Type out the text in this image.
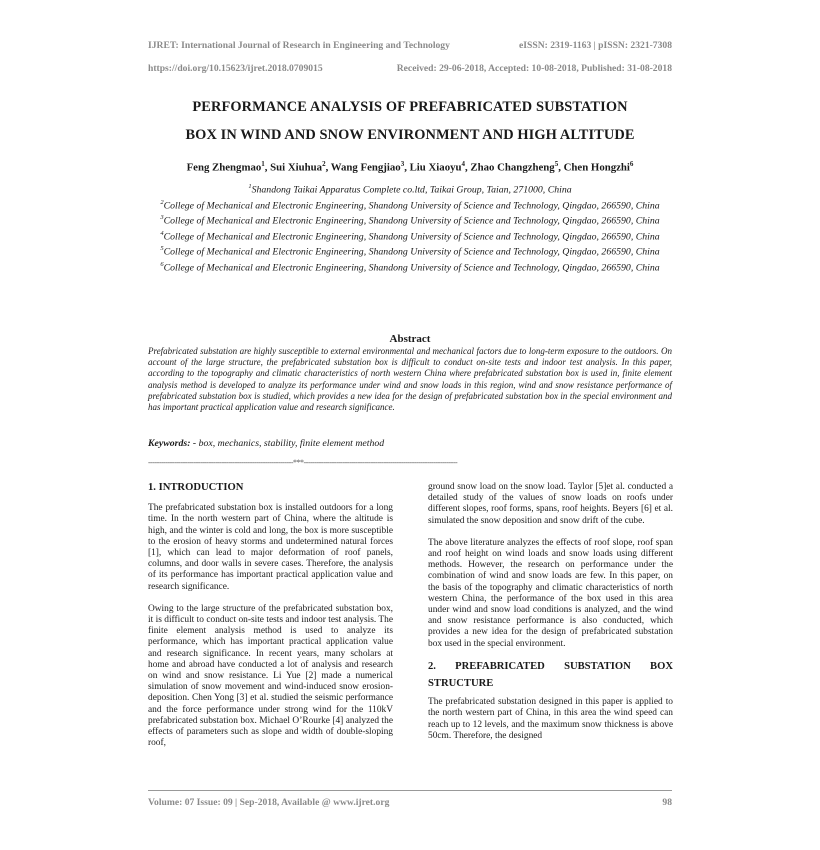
IJRET: International Journal of Research in Engineering and Technology	eISSN: 2319-1163 | pISSN: 2321-7308
https://doi.org/10.15623/ijret.2018.0709015	Received: 29-06-2018, Accepted: 10-08-2018, Published: 31-08-2018
PERFORMANCE ANALYSIS OF PREFABRICATED SUBSTATION
BOX IN WIND AND SNOW ENVIRONMENT AND HIGH ALTITUDE
Feng Zhengmao$^1$, Sui Xiuhua$^2$, Wang Fengjiao$^3$, Liu Xiaoyu$^4$, Zhao Changzheng$^5$, Chen Hongzhi$^6$
$^1$Shandong Taikai Apparatus Complete co.ltd, Taikai Group, Taian, 271000, China
$^2$College of Mechanical and Electronic Engineering, Shandong University of Science and Technology, Qingdao, 266590, China
$^3$College of Mechanical and Electronic Engineering, Shandong University of Science and Technology, Qingdao, 266590, China
$^4$College of Mechanical and Electronic Engineering, Shandong University of Science and Technology, Qingdao, 266590, China
$^5$College of Mechanical and Electronic Engineering, Shandong University of Science and Technology, Qingdao, 266590, China
$^6$College of Mechanical and Electronic Engineering, Shandong University of Science and Technology, Qingdao, 266590, China
Abstract
Prefabricated substation are highly susceptible to external environmental and mechanical factors due to long-term exposure to the outdoors. On account of the large structure, the prefabricated substation box is difficult to conduct on-site tests and indoor test analysis. In this paper, according to the topography and climatic characteristics of north western China where prefabricated substation box is used in, finite element analysis method is developed to analyze its performance under wind and snow loads in this region, wind and snow resistance performance of prefabricated substation box is studied, which provides a new idea for the design of prefabricated substation box in the special environment and has important practical application value and research significance.
Keywords: - box, mechanics, stability, finite element method
-------------------------------------------------------------------***-----------------------------------------------------------------------
1. INTRODUCTION

The prefabricated substation box is installed outdoors for a long time. In the north western part of China, where the altitude is high, and the winter is cold and long, the box is more susceptible to the erosion of heavy storms and undetermined natural forces [1], which can lead to major deformation of roof panels, columns, and door walls in severe cases. Therefore, the analysis of its performance has important practical application value and research significance.

Owing to the large structure of the prefabricated substation box, it is difficult to conduct on-site tests and indoor test analysis. The finite element analysis method is used to analyze its performance, which has important practical application value and research significance. In recent years, many scholars at home and abroad have conducted a lot of analysis and research on wind and snow resistance. Li Yue [2] made a numerical simulation of snow movement and wind-induced snow erosion-deposition. Chen Yong [3] et al. studied the seismic performance and the force performance under strong wind for the 110kV prefabricated substation box. Michael O’Rourke [4] analyzed the effects of parameters such as slope and width of double-sloping roof,

ground snow load on the snow load. Taylor [5]et al. conducted a detailed study of the values of snow loads on roofs under different slopes, roof forms, spans, roof heights. Beyers [6] et al. simulated the snow deposition and snow drift of the cube.

The above literature analyzes the effects of roof slope, roof span and roof height on wind loads and snow loads using different methods. However, the research on performance under the combination of wind and snow loads are few. In this paper, on the basis of the topography and climatic characteristics of north western China, the performance of the box used in this area under wind and snow load conditions is analyzed, and the wind and snow resistance performance is also conducted, which provides a new idea for the design of prefabricated substation box used in the special environment.

2. PREFABRICATED SUBSTATION BOX
STRUCTURE

The prefabricated substation designed in this paper is applied to the north western part of China, in this area the wind speed can reach up to 12 levels, and the maximum snow thickness is above 50cm. Therefore, the designed

Volume: 07 Issue: 09 | Sep-2018, Available @ www.ijret.org	98
